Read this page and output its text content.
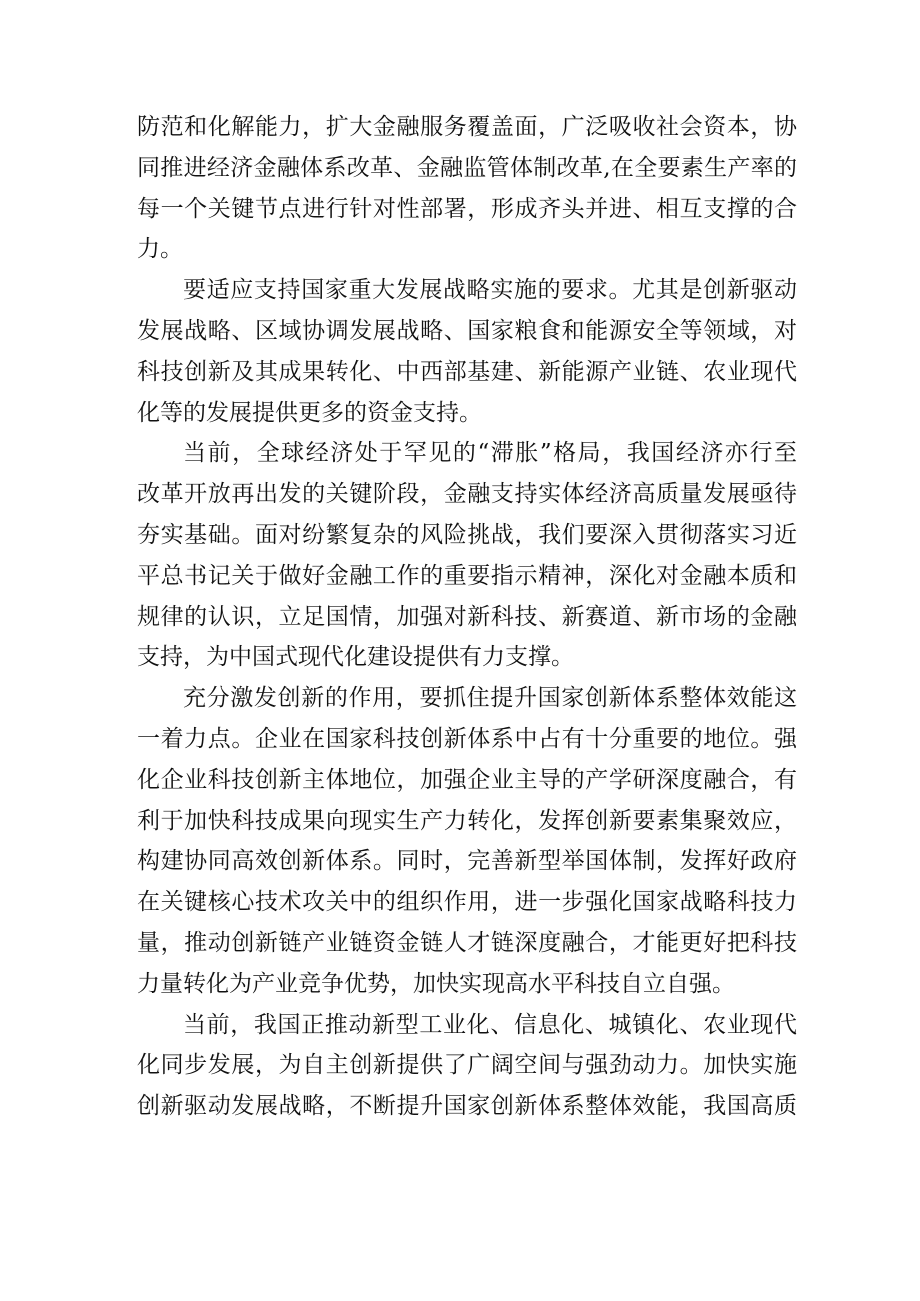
防范和化解能力，扩大金融服务覆盖面，广泛吸收社会资本，协
同推进经济金融体系改革、金融监管体制改革,在全要素生产率的
每一个关键节点进行针对性部署，形成齐头并进、相互支撑的合
力。
要适应支持国家重大发展战略实施的要求。尤其是创新驱动
发展战略、区域协调发展战略、国家粮食和能源安全等领域，对
科技创新及其成果转化、中西部基建、新能源产业链、农业现代
化等的发展提供更多的资金支持。
当前，全球经济处于罕见的“滞胀”格局，我国经济亦行至
改革开放再出发的关键阶段，金融支持实体经济高质量发展亟待
夯实基础。面对纷繁复杂的风险挑战，我们要深入贯彻落实习近
平总书记关于做好金融工作的重要指示精神，深化对金融本质和
规律的认识，立足国情，加强对新科技、新赛道、新市场的金融
支持，为中国式现代化建设提供有力支撑。
充分激发创新的作用，要抓住提升国家创新体系整体效能这
一着力点。企业在国家科技创新体系中占有十分重要的地位。强
化企业科技创新主体地位，加强企业主导的产学研深度融合，有
利于加快科技成果向现实生产力转化，发挥创新要素集聚效应，
构建协同高效创新体系。同时，完善新型举国体制，发挥好政府
在关键核心技术攻关中的组织作用，进一步强化国家战略科技力
量，推动创新链产业链资金链人才链深度融合，才能更好把科技
力量转化为产业竞争优势，加快实现高水平科技自立自强。
当前，我国正推动新型工业化、信息化、城镇化、农业现代
化同步发展，为自主创新提供了广阔空间与强劲动力。加快实施
创新驱动发展战略，不断提升国家创新体系整体效能，我国高质
